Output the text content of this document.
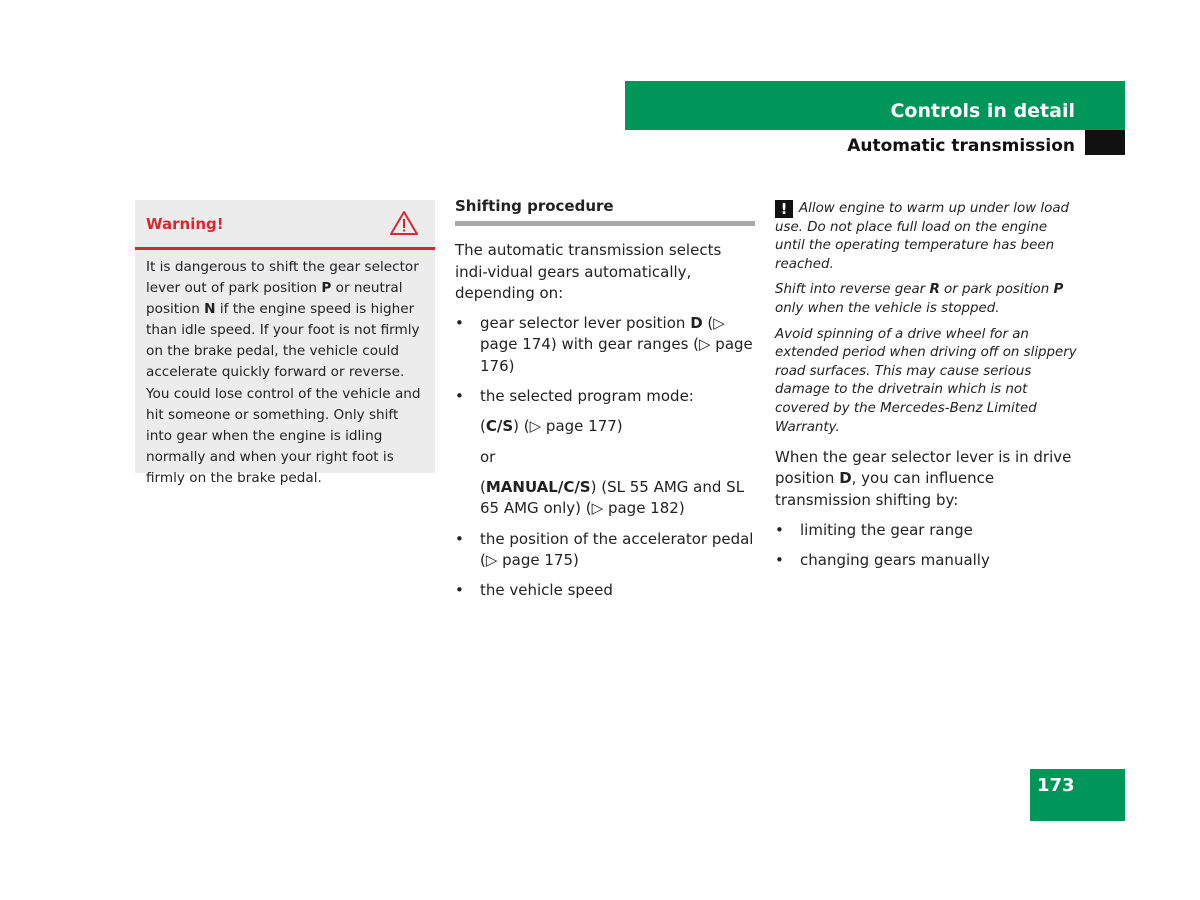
Controls in detail
Automatic transmission
Warning!
It is dangerous to shift the gear selector lever out of park position P or neutral position N if the engine speed is higher than idle speed. If your foot is not firmly on the brake pedal, the vehicle could accelerate quickly forward or reverse. You could lose control of the vehicle and hit someone or something. Only shift into gear when the engine is idling normally and when your right foot is firmly on the brake pedal.
Shifting procedure

The automatic transmission selects indi-vidual gears automatically, depending on:

• gear selector lever position D (▷ page 174) with gear ranges (▷ page 176)
• the selected program mode:
(C/S) (▷ page 177)
or
(MANUAL/C/S) (SL 55 AMG and SL 65 AMG only) (▷ page 182)
• the position of the accelerator pedal (▷ page 175)
• the vehicle speed

! Allow engine to warm up under low load use. Do not place full load on the engine until the operating temperature has been reached.

Shift into reverse gear R or park position P only when the vehicle is stopped.

Avoid spinning of a drive wheel for an extended period when driving off on slippery road surfaces. This may cause serious damage to the drivetrain which is not covered by the Mercedes-Benz Limited Warranty.

When the gear selector lever is in drive position D, you can influence transmission shifting by:

• limiting the gear range
• changing gears manually
173
